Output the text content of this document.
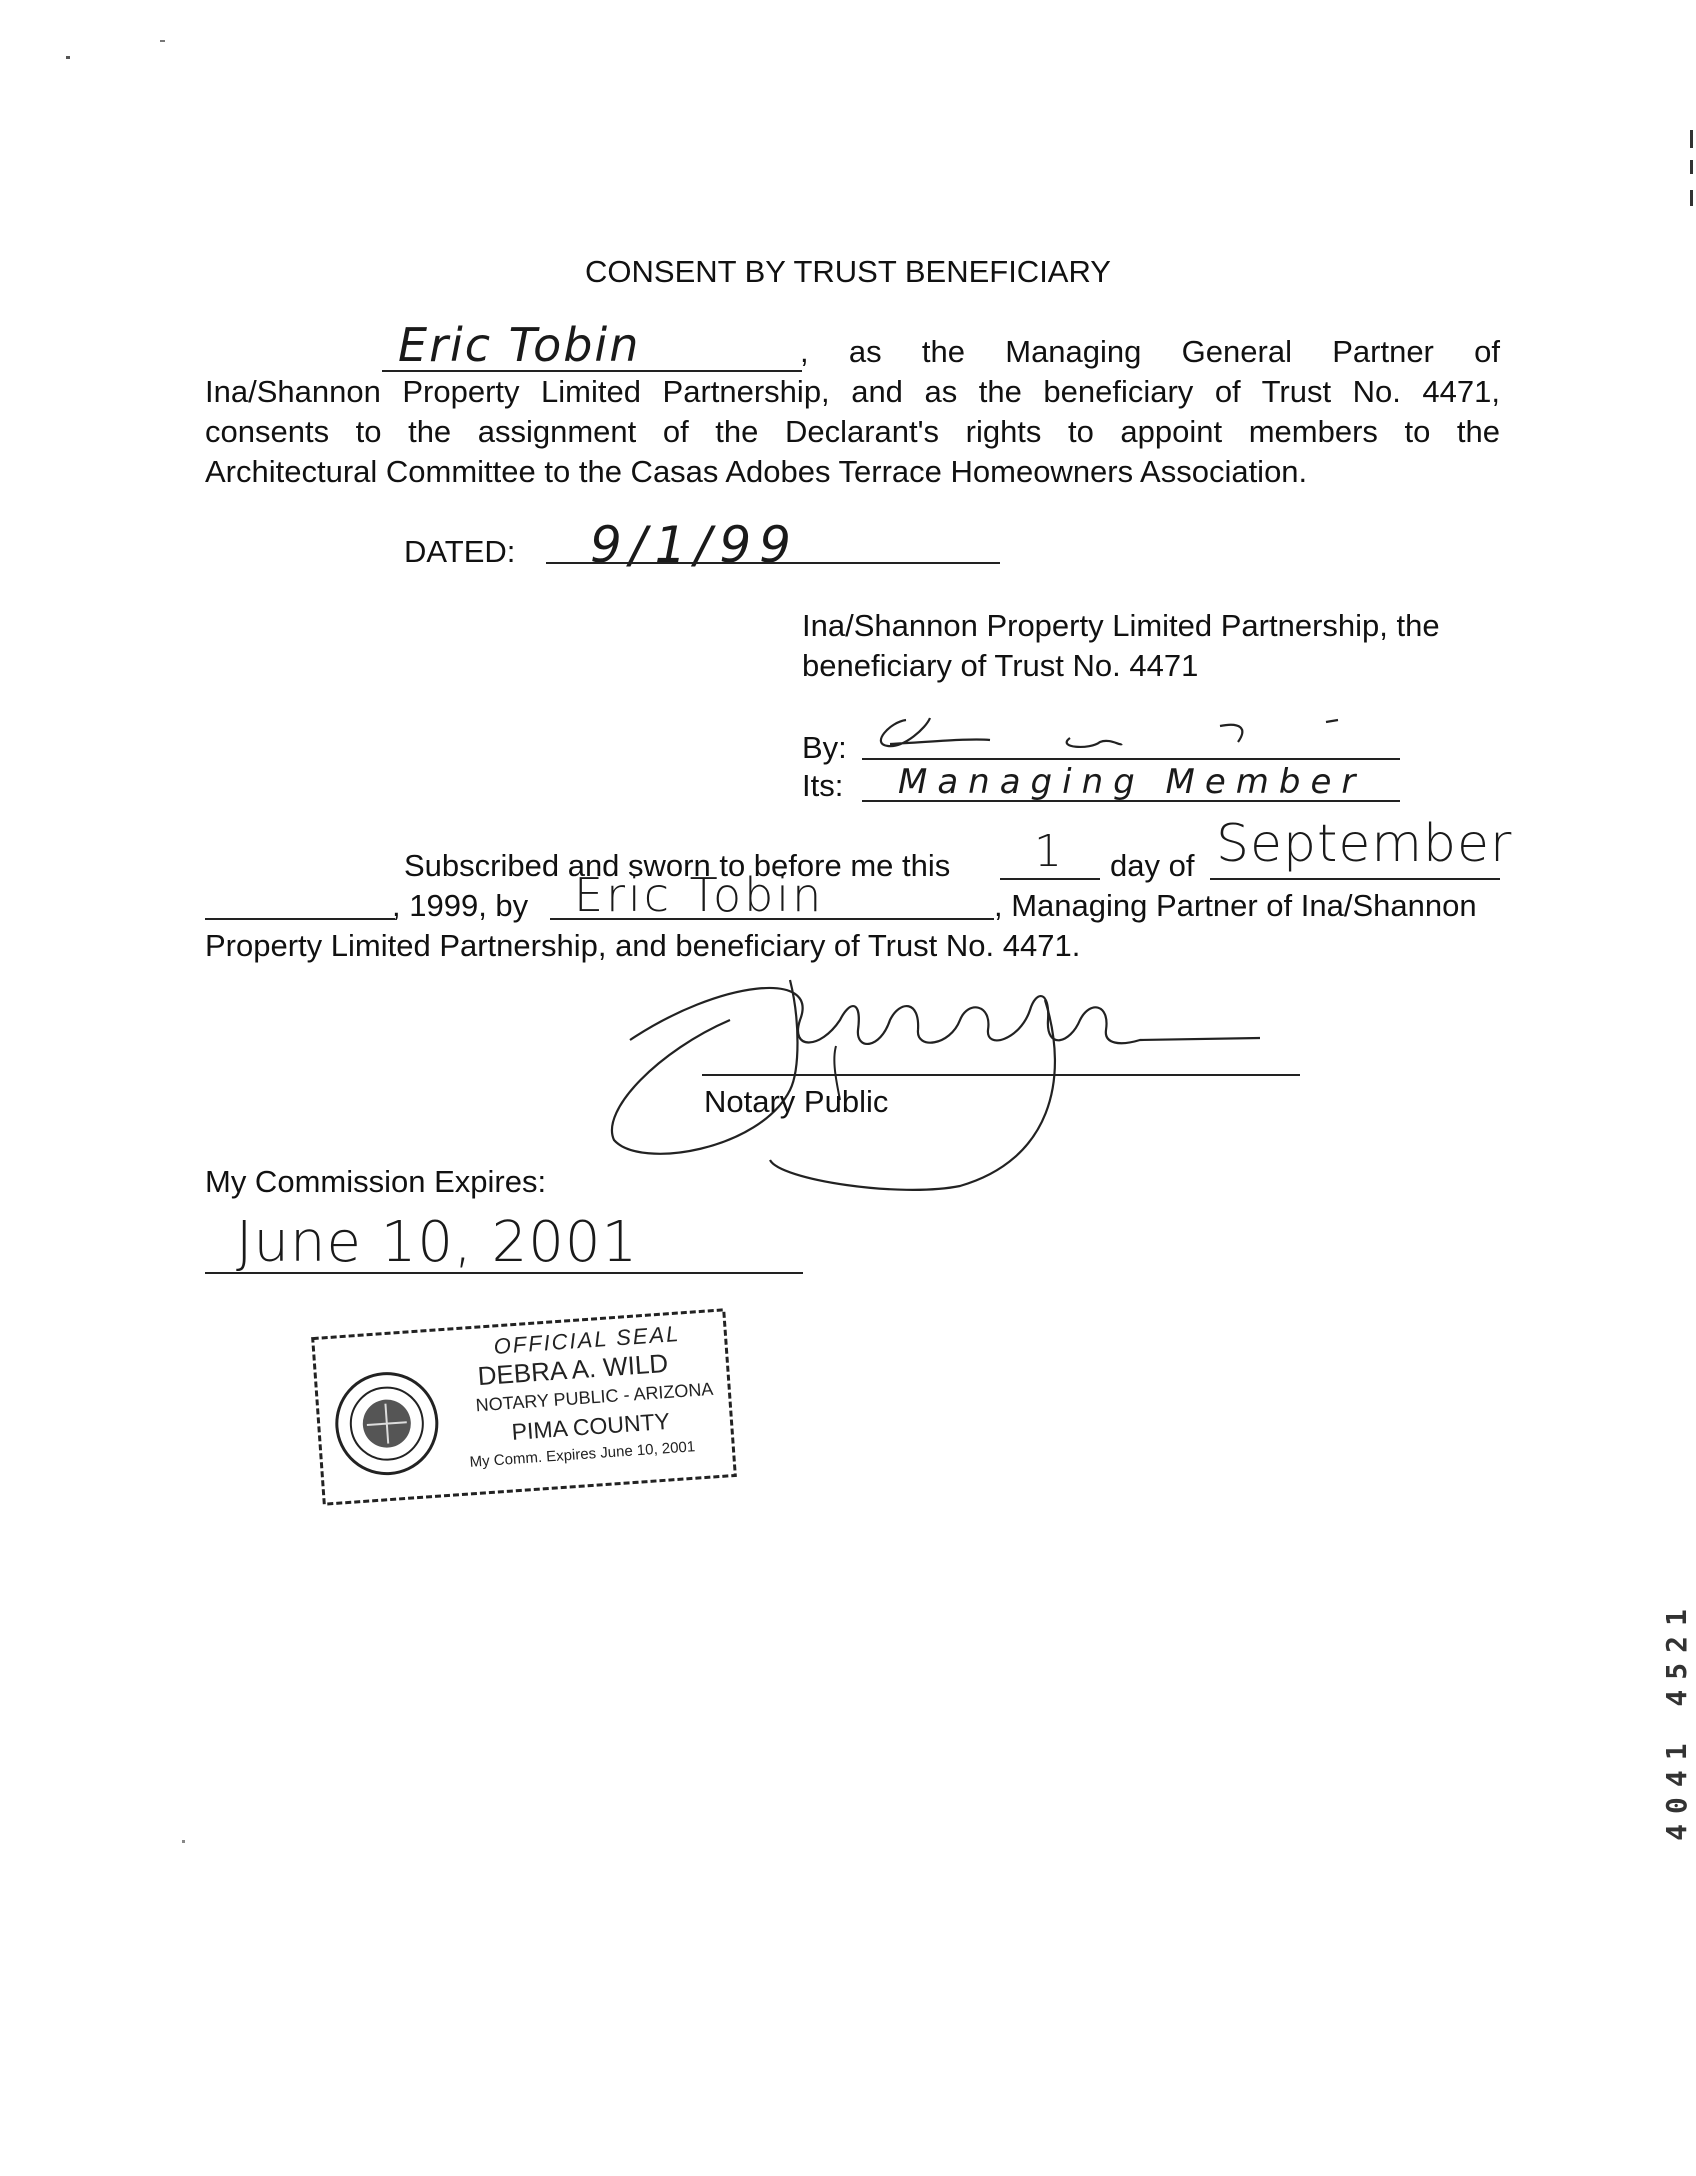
CONSENT BY TRUST BENEFICIARY
Eric Tobin	, as the Managing General Partner of
Ina/Shannon Property Limited Partnership, and as the beneficiary of Trust No. 4471,
consents to the assignment of the Declarant's rights to appoint members to the
Architectural Committee to the Casas Adobes Terrace Homeowners Association.
DATED: 9/1/99
Ina/Shannon Property Limited Partnership, the
beneficiary of Trust No. 4471
By:
Its: Managing Member
Subscribed and sworn to before me this 1 day of September
, 1999, by Eric Tobin	, Managing Partner of Ina/Shannon
Property Limited Partnership, and beneficiary of Trust No. 4471.
Notary Public
My Commission Expires:
June 10, 2001
OFFICIAL SEAL
DEBRA A. WILD
NOTARY PUBLIC - ARIZONA
PIMA COUNTY
My Comm. Expires June 10, 2001
4041 4521
